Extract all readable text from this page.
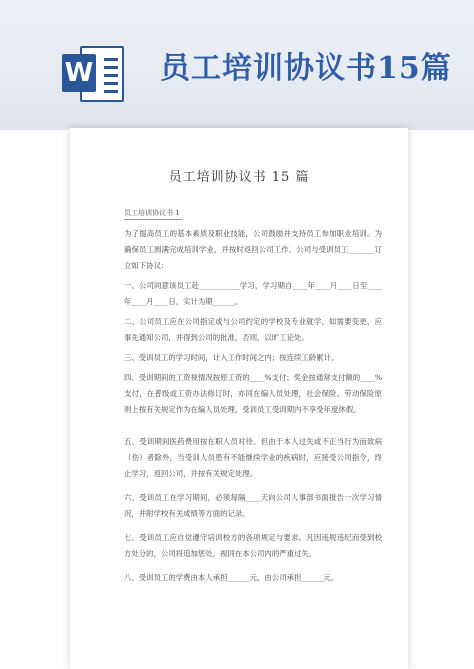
W 员工培训协议书15篇
员工培训协议书 15 篇
员工培训协议书 1
为了提高员工的基本素质及职业技能，公司鼓励并支持员工参加职业培训。为确保员工圆满完成培训学业，并按时返回公司工作，公司与受训员工_______订立如下协议：
一、公司同意该员工赴___________学习，学习期自____年____月____日至____年____月____日，实计为期______。
二、公司员工应在公司指定或与公司约定的学校及专业就学，如需要变更，应事先通知公司，并得到公司的批准，否则，以旷工论处。
三、受训员工的学习时间，计入工作时间之内；按连续工龄累计。
四、受训期间的工资视情况按原工资的____%支付；奖金按通常支付额的____%支付，在普级或工资办法修订时，亦同在编人员处理，社会保险、劳动保险原则上按有关规定作为在编人员处理，受训员工受训期内不享受年度休假。
五、受训期间医药费用按在职人员对待。但由于本人过失或不正当行为而致病（伤）者除外，当受训人员患有不能继续学业的疾病时，应接受公司指令，终止学习，返回公司，并按有关规定处理。
六、受训员工在学习期间，必须每隔____天向公司人事部书面报告一次学习情况，并附学校有关成绩等方面的记录。
七、受训员工应自觉遵守培训校方的各项规定与要求。凡因违规违纪而受到校方处分的，公司将追加惩处，视同在本公司内的严重过失。
八、受训员工的学费由本人承担______元，由公司承担______元。
